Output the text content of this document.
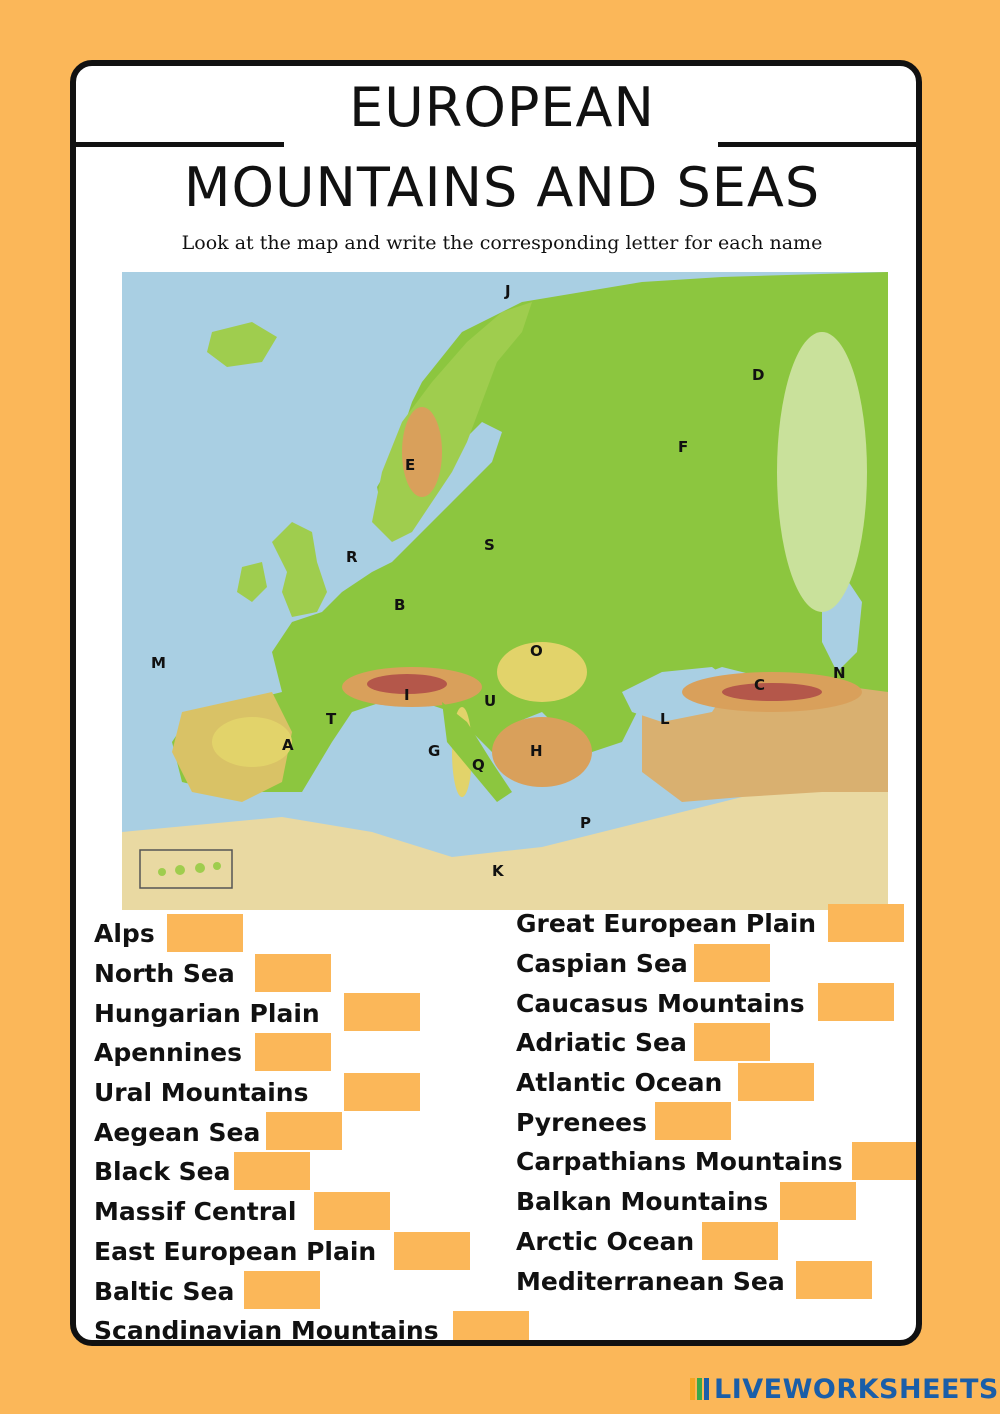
EUROPEAN
MOUNTAINS AND SEAS
Look at the map and write the corresponding letter for each name
J
D
E
F
R
S
B
M
O
N
C
I	U
T	L
A	G	H
Q
P
K
Alps
North Sea
Hungarian Plain
Apennines
Ural Mountains
Aegean Sea
Black Sea
Massif Central
East European Plain
Baltic Sea
Scandinavian Mountains
Great European Plain
Caspian Sea
Caucasus Mountains
Adriatic Sea
Atlantic Ocean
Pyrenees
Carpathians Mountains
Balkan Mountains
Arctic Ocean
Mediterranean Sea
LIVEWORKSHEETS
